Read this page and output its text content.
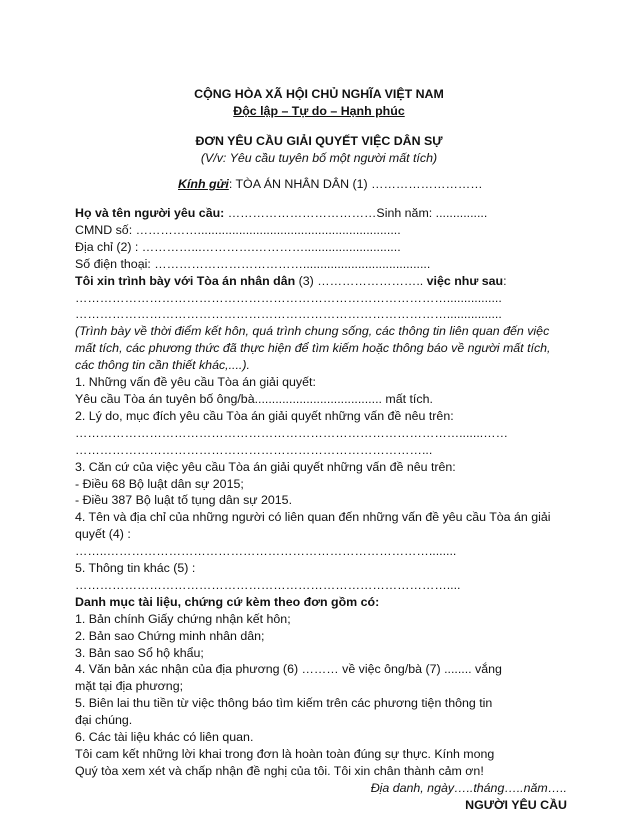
CỘNG HÒA XÃ HỘI CHỦ NGHĨA VIỆT NAM
Độc lập – Tự do – Hạnh phúc
ĐƠN YÊU CẦU GIẢI QUYẾT VIỆC DÂN SỰ
(V/v: Yêu cầu tuyên bố một người mất tích)
Kính gửi: TÒA ÁN NHÂN DÂN (1) ………………………
Họ và tên người yêu cầu: ………………………………Sinh năm: ...............
CMND số: ……………...........................................................
Địa chỉ (2) : …………...………….…………............................
Số điện thoại: ……………………………….....................................
Tôi xin trình bày với Tòa án nhân dân (3) …………………….. việc như sau:
………………………………………………………………………………................
………………………………………………………………………………................
(Trình bày về thời điểm kết hôn, quá trình chung sống, các thông tin liên quan đến việc
mất tích, các phương thức đã thực hiện để tìm kiếm hoặc thông báo về người mất tích,
các thông tin cần thiết khác,....).
1. Những vấn đề yêu cầu Tòa án giải quyết:
Yêu cầu Tòa án tuyên bố ông/bà..................................... mất tích.
2. Lý do, mục đích yêu cầu Tòa án giải quyết những vấn đề nêu trên:
………………………………………………………………………………….......……
…………………………………………………………………………...
3. Căn cứ của việc yêu cầu Tòa án giải quyết những vấn đề nêu trên:
- Điều 68 Bộ luật dân sự 2015;
- Điều 387 Bộ luật tố tụng dân sự 2015.
4. Tên và địa chỉ của những người có liên quan đến những vấn đề yêu cầu Tòa án giải
quyết (4) :
……..……………………………………………………………………........
5. Thông tin khác (5) :
………………………………………………………………………………....
Danh mục tài liệu, chứng cứ kèm theo đơn gồm có:
1. Bản chính Giấy chứng nhận kết hôn;
2. Bản sao Chứng minh nhân dân;
3. Bản sao Sổ hộ khẩu;
4. Văn bản xác nhận của địa phương (6) ……… về việc ông/bà (7) ........ vắng
mặt tại địa phương;
5. Biên lai thu tiền từ việc thông báo tìm kiếm trên các phương tiện thông tin
đại chúng.
6. Các tài liệu khác có liên quan.
Tôi cam kết những lời khai trong đơn là hoàn toàn đúng sự thực. Kính mong
Quý tòa xem xét và chấp nhận đề nghị của tôi. Tôi xin chân thành cảm ơn!
Địa danh, ngày…..tháng…..năm…..
NGƯỜI YÊU CẦU
